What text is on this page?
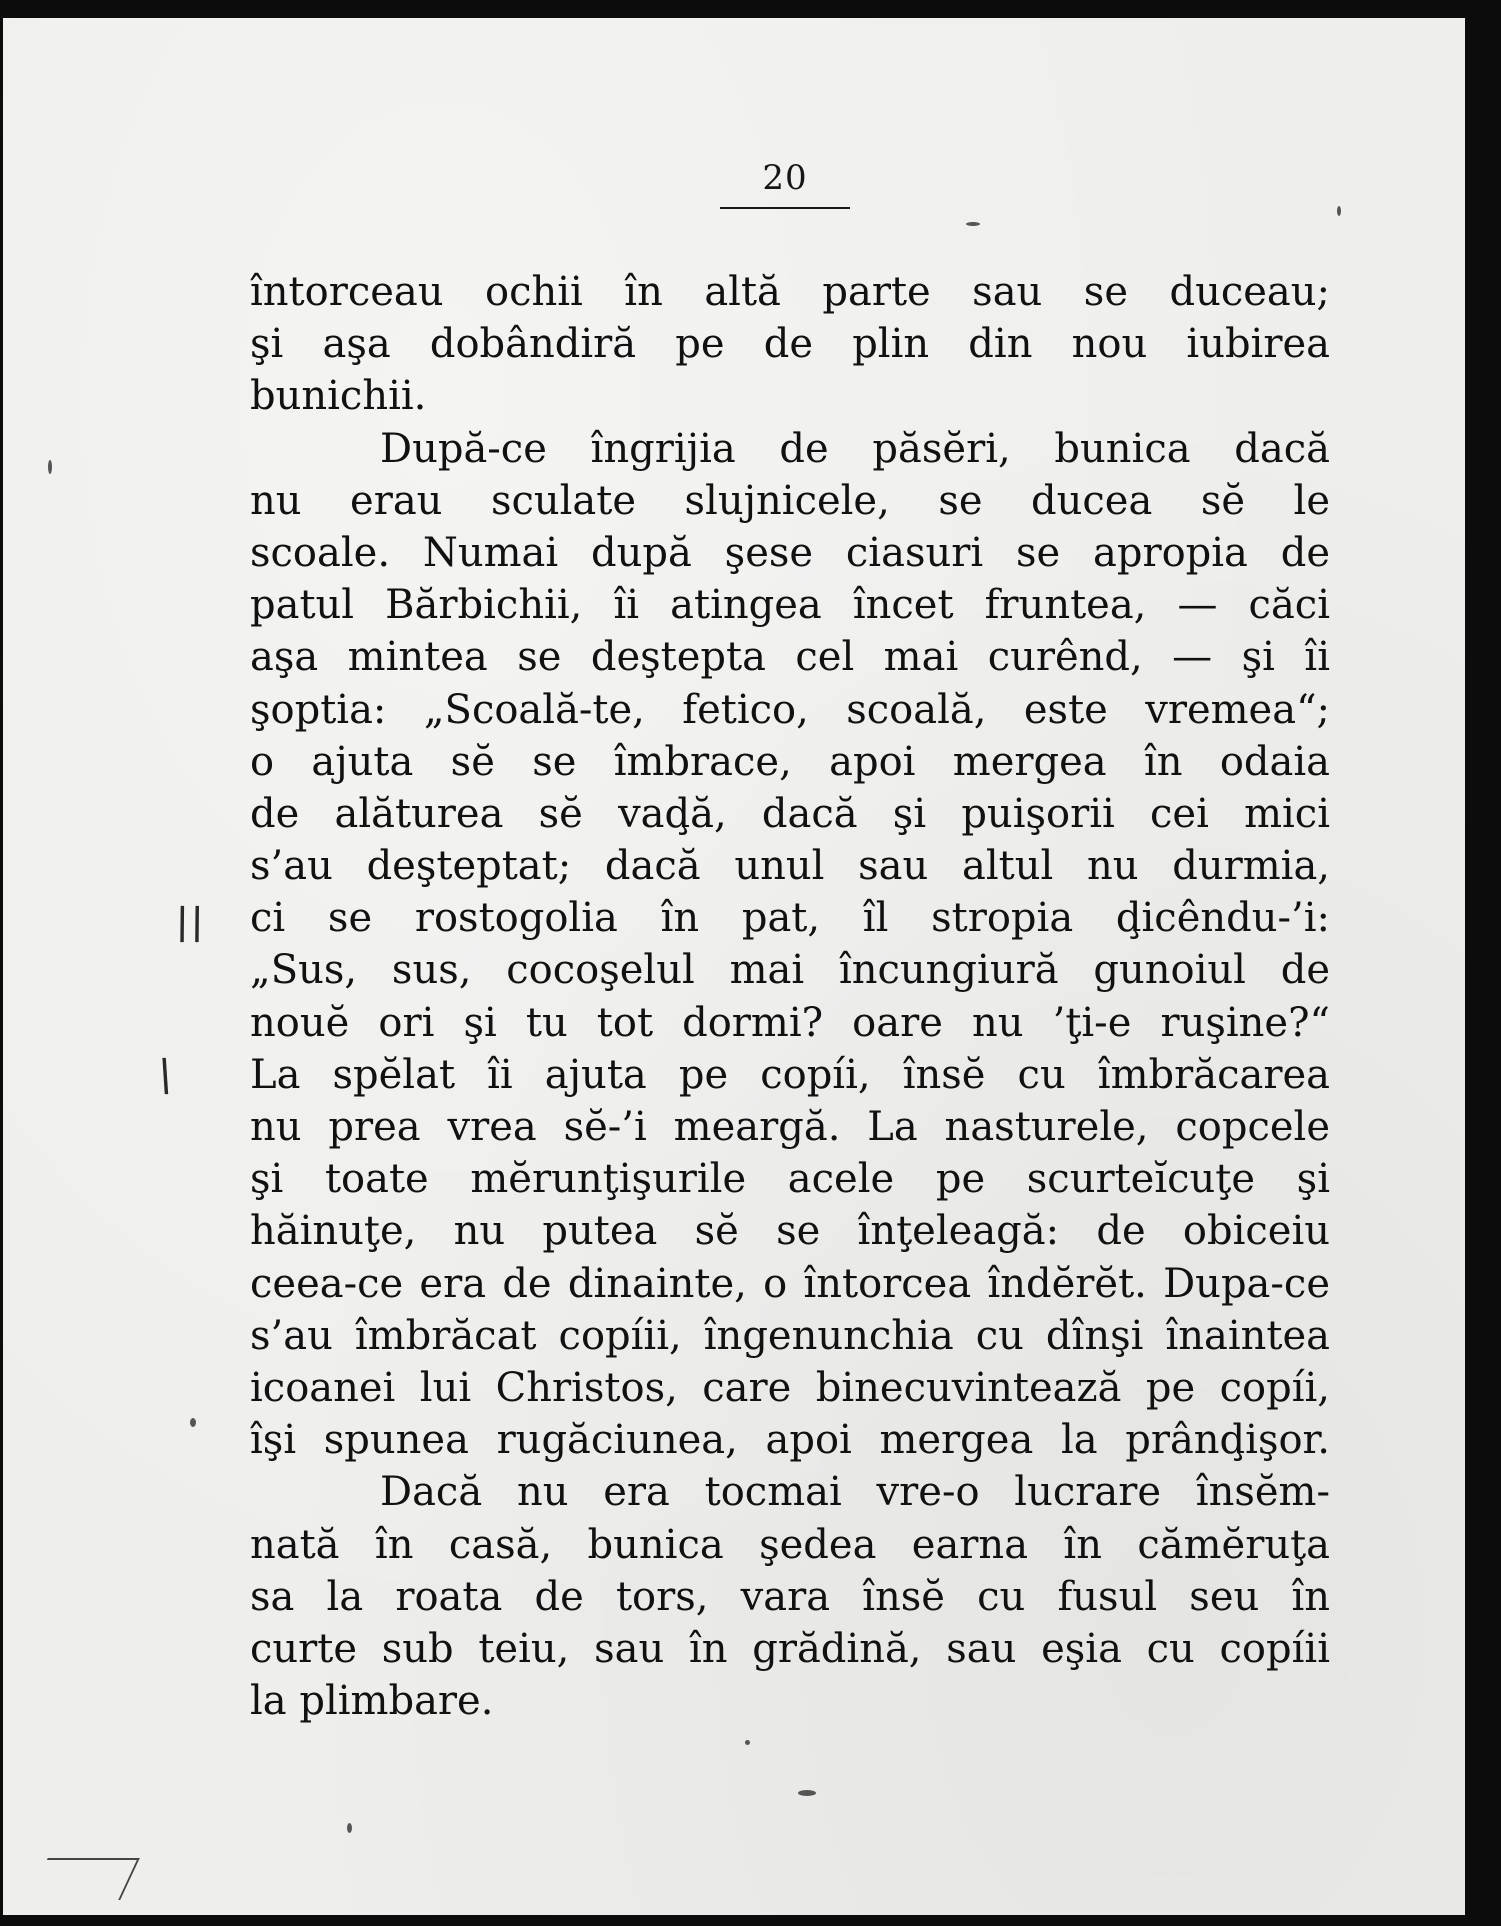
20
\\
\
întorceau ochii în altă parte sau se duceau;
şi aşa dobândiră pe de plin din nou iubirea
bunichii.
După-ce îngrijia de păsĕri, bunica dacă
nu erau sculate slujnicele, se ducea sĕ le
scoale. Numai după şese ciasuri se apropia de
patul Bărbichii, îi atingea încet fruntea, — căci
aşa mintea se deştepta cel mai curênd, — şi îi
şoptia: „Scoală-te, fetico, scoală, este vremea“;
o ajuta sĕ se îmbrace, apoi mergea în odaia
de alăturea sĕ vaḑă, dacă şi puişorii cei mici
s’au deşteptat; dacă unul sau altul nu durmia,
ci se rostogolia în pat, îl stropia ḑicêndu-’i:
„Sus, sus, cocoşelul mai încungiură gunoiul de
nouĕ ori şi tu tot dormi? oare nu ’ţi-e ruşine?“
La spĕlat îi ajuta pe copíi, însĕ cu îmbrăcarea
nu prea vrea sĕ-’i meargă. La nasturele, copcele
şi toate mĕrunţişurile acele pe scurteĭcuţe şi
hăinuţe, nu putea sĕ se înţeleagă: de obiceiu
ceea-ce era de dinainte, o întorcea îndĕrĕt. Dupa-ce
s’au îmbrăcat copíii, îngenunchia cu dînşi înaintea
icoanei lui Christos, care binecuvintează pe copíi,
îşi spunea rugăciunea, apoi mergea la prânḑişor.
Dacă nu era tocmai vre-o lucrare însĕm-
nată în casă, bunica şedea earna în cămĕruţa
sa la roata de tors, vara însĕ cu fusul seu în
curte sub teiu, sau în grădină, sau eşia cu copíii
la plimbare.
